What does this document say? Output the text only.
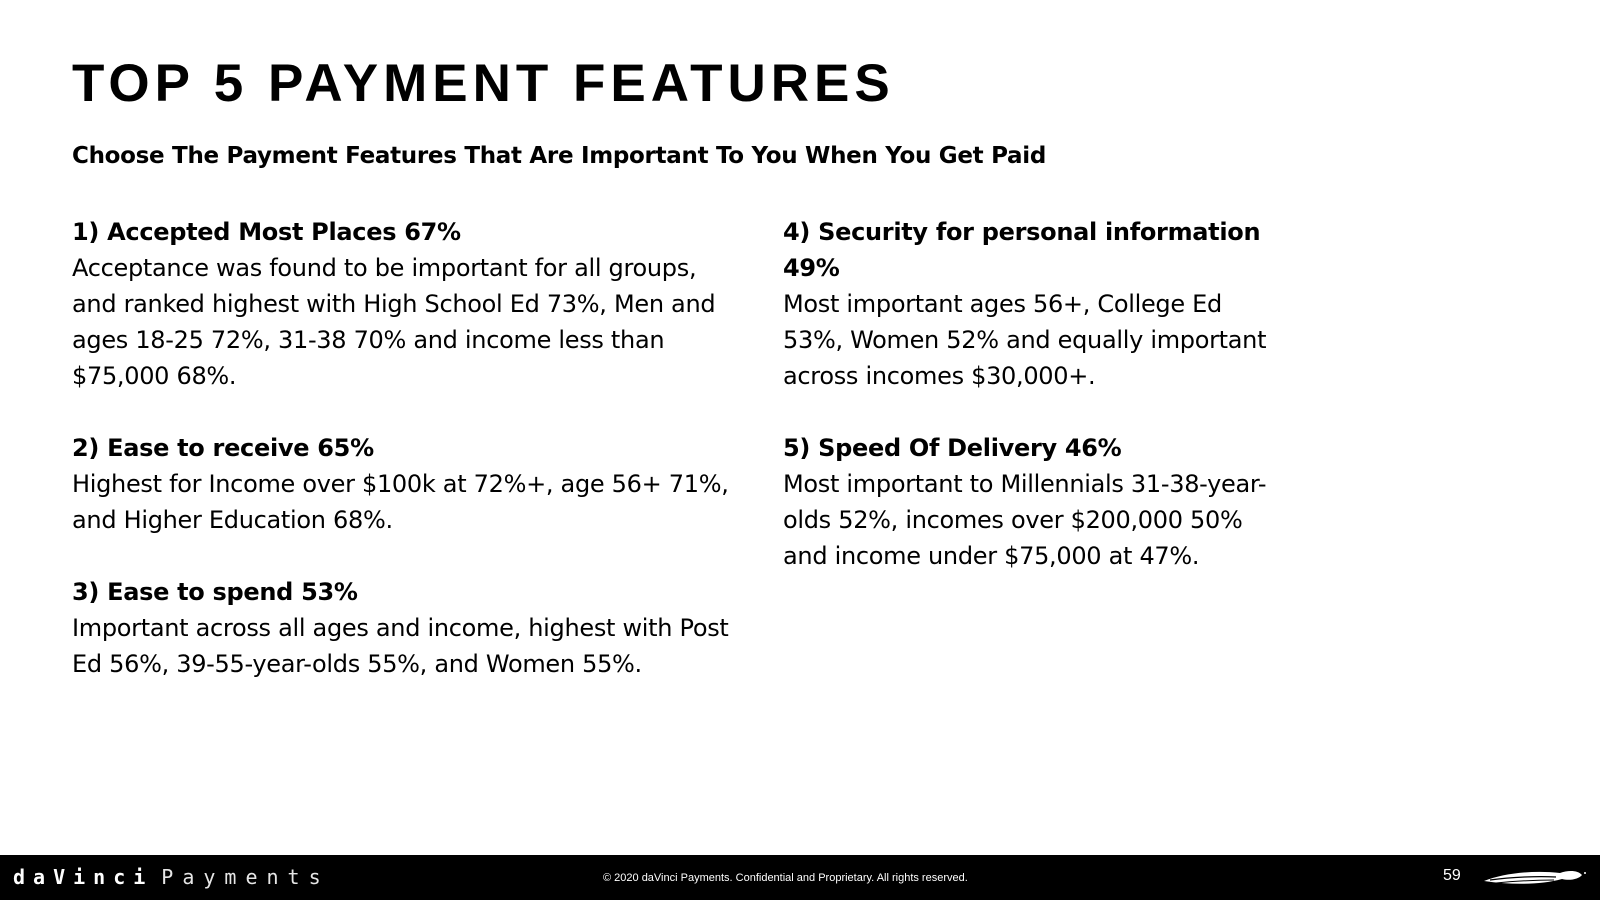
TOP 5 PAYMENT FEATURES
Choose The Payment Features That Are Important To You When You Get Paid

1) Accepted Most Places 67%

Acceptance was found to be important for all groups, and ranked highest with High School Ed 73%, Men and ages 18-25 72%, 31-38 70% and income less than $75,000 68%.

2) Ease to receive 65%

Highest for Income over $100k at 72%+, age 56+ 71%, and Higher Education 68%.

3) Ease to spend 53%

Important across all ages and income, highest with Post Ed 56%, 39-55-year-olds 55%, and Women 55%.

4) Security for personal information 49%

Most important ages 56+, College Ed 53%, Women 52% and equally important across incomes $30,000+.

5) Speed Of Delivery 46%

Most important to Millennials 31-38-year-olds 52%, incomes over $200,000 50% and income under $75,000 at 47%.

daVinci Payments	© 2020 daVinci Payments. Confidential and Proprietary. All rights reserved.	59
